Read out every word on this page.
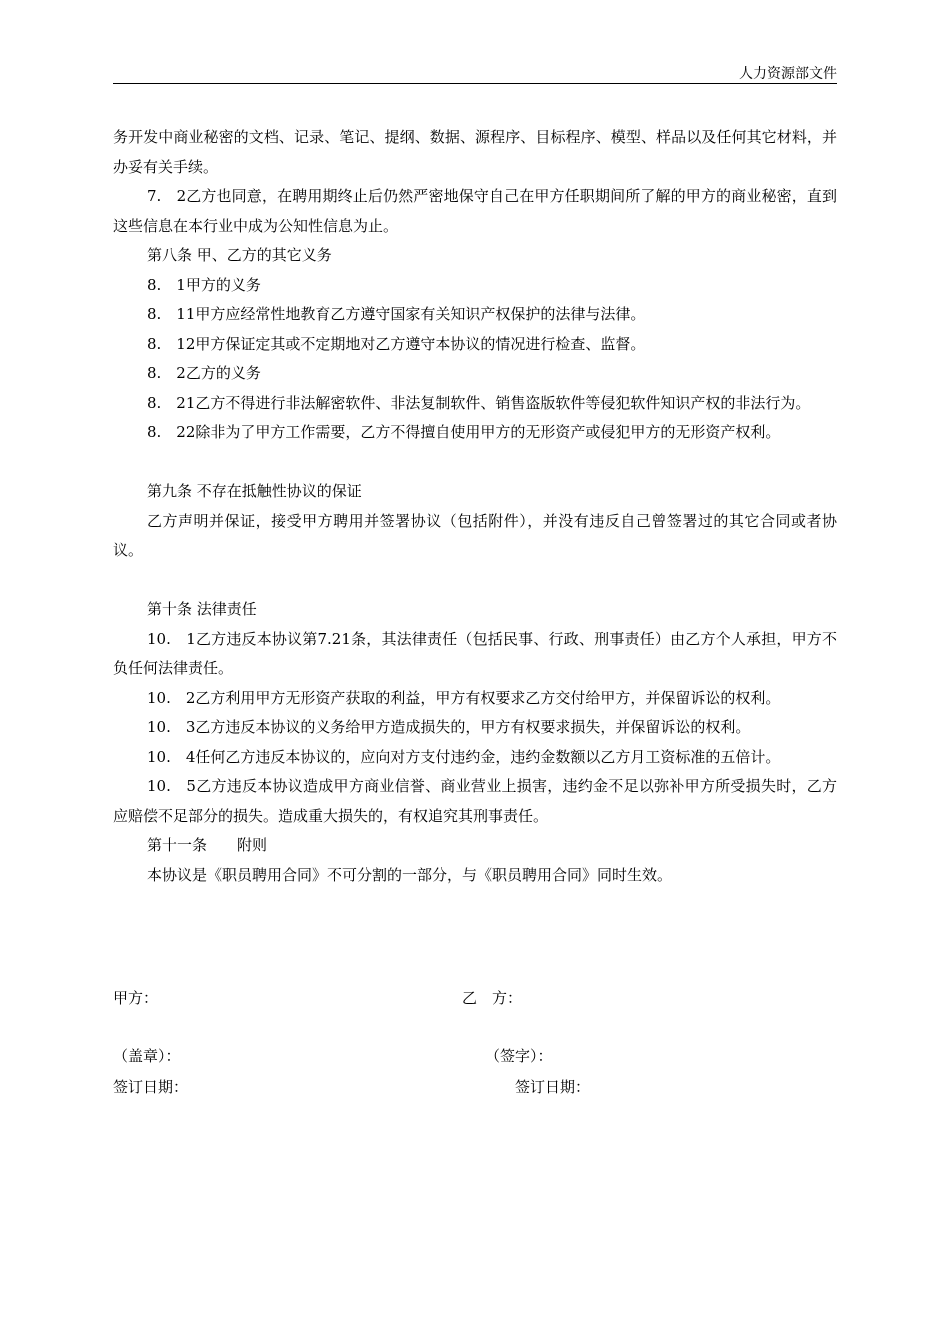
人力资源部文件

务开发中商业秘密的文档、记录、笔记、提纲、数据、源程序、目标程序、模型、样品以及任何其它材料，并办妥有关手续。

7.　2乙方也同意，在聘用期终止后仍然严密地保守自己在甲方任职期间所了解的甲方的商业秘密，直到这些信息在本行业中成为公知性信息为止。

第八条 甲、乙方的其它义务

8.　1甲方的义务

8.　11甲方应经常性地教育乙方遵守国家有关知识产权保护的法律与法律。

8.　12甲方保证定其或不定期地对乙方遵守本协议的情况进行检查、监督。

8.　2乙方的义务

8.　21乙方不得进行非法解密软件、非法复制软件、销售盗版软件等侵犯软件知识产权的非法行为。

8.　22除非为了甲方工作需要，乙方不得擅自使用甲方的无形资产或侵犯甲方的无形资产权利。

第九条 不存在抵触性协议的保证

乙方声明并保证，接受甲方聘用并签署协议（包括附件），并没有违反自己曾签署过的其它合同或者协议。

第十条 法律责任

10.　1乙方违反本协议第7.21条，其法律责任（包括民事、行政、刑事责任）由乙方个人承担，甲方不负任何法律责任。

10.　2乙方利用甲方无形资产获取的利益，甲方有权要求乙方交付给甲方，并保留诉讼的权利。

10.　3乙方违反本协议的义务给甲方造成损失的，甲方有权要求损失，并保留诉讼的权利。

10.　4任何乙方违反本协议的，应向对方支付违约金，违约金数额以乙方月工资标准的五倍计。

10.　5乙方违反本协议造成甲方商业信誉、商业营业上损害，违约金不足以弥补甲方所受损失时，乙方应赔偿不足部分的损失。造成重大损失的，有权追究其刑事责任。

第十一条　　附则

本协议是《职员聘用合同》不可分割的一部分，与《职员聘用合同》同时生效。

甲方：	乙　方：
（盖章）：	（签字）：
签订日期：	签订日期：
